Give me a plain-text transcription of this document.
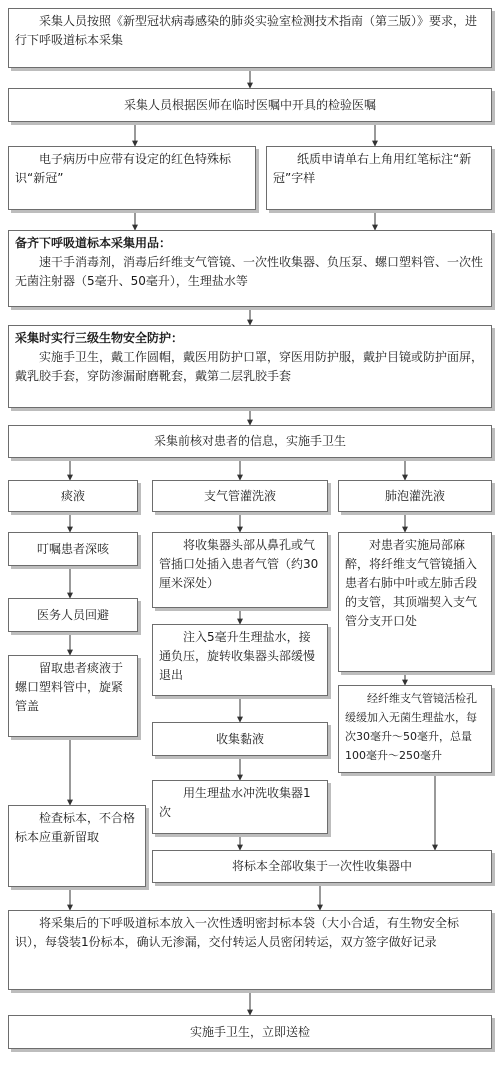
采集人员按照《新型冠状病毒感染的肺炎实验室检测技术指南（第三版）》要求，进行下呼吸道标本采集
采集人员根据医师在临时医嘱中开具的检验医嘱
电子病历中应带有设定的红色特殊标识“新冠”
纸质申请单右上角用红笔标注“新冠”字样
备齐下呼吸道标本采集用品：
速干手消毒剂，消毒后纤维支气管镜、一次性收集器、负压泵、螺口塑料管、一次性无菌注射器（5毫升、50毫升），生理盐水等
采集时实行三级生物安全防护：
实施手卫生，戴工作圆帽，戴医用防护口罩，穿医用防护服，戴护目镜或防护面屏，戴乳胶手套，穿防渗漏耐磨靴套，戴第二层乳胶手套
采集前核对患者的信息，实施手卫生
痰液	支气管灌洗液	肺泡灌洗液
叮嘱患者深咳
医务人员回避
留取患者痰液于螺口塑料管中，旋紧管盖
检查标本，不合格标本应重新留取
将收集器头部从鼻孔或气管插口处插入患者气管（约30厘米深处）
注入5毫升生理盐水，接通负压，旋转收集器头部缓慢退出
收集黏液
用生理盐水冲洗收集器1次
对患者实施局部麻醉，将纤维支气管镜插入患者右肺中叶或左肺舌段的支管，其顶端契入支气管分支开口处
经纤维支气管镜活检孔缓缓加入无菌生理盐水，每次30毫升～50毫升，总量100毫升～250毫升
将标本全部收集于一次性收集器中
将采集后的下呼吸道标本放入一次性透明密封标本袋（大小合适，有生物安全标识），每袋装1份标本，确认无渗漏，交付转运人员密闭转运，双方签字做好记录
实施手卫生，立即送检
